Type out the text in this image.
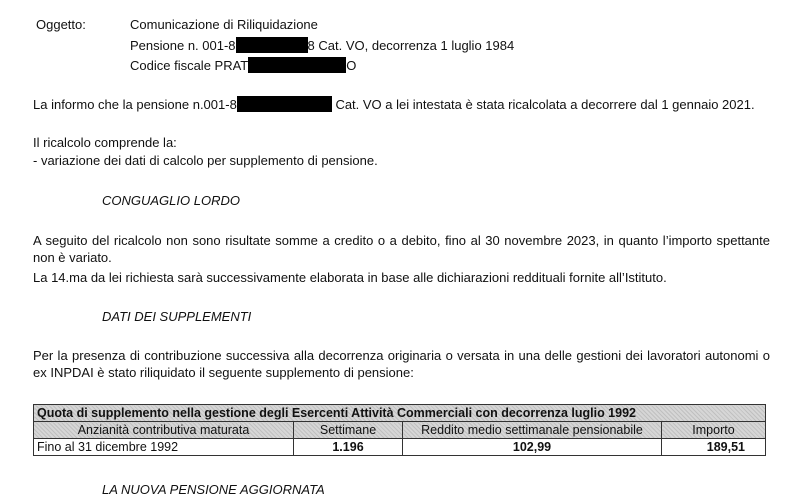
Oggetto:	Comunicazione di Riliquidazione
Pensione n. 001-8	8 Cat. VO, decorrenza 1 luglio 1984
Codice fiscale PRAT	O
La informo che la pensione n.001-8	Cat. VO a lei intestata è stata ricalcolata a decorrere dal 1 gennaio 2021.
Il ricalcolo comprende la:
- variazione dei dati di calcolo per supplemento di pensione.
CONGUAGLIO LORDO
A seguito del ricalcolo non sono risultate somme a credito o a debito, fino al 30 novembre 2023, in quanto l’importo spettante non è variato.
La 14.ma da lei richiesta sarà successivamente elaborata in base alle dichiarazioni reddituali fornite all’Istituto.
DATI DEI SUPPLEMENTI
Per la presenza di contribuzione successiva alla decorrenza originaria o versata in una delle gestioni dei lavoratori autonomi o ex INPDAI è stato riliquidato il seguente supplemento di pensione:
Quota di supplemento nella gestione degli Esercenti Attività Commerciali con decorrenza luglio 1992			
Anzianità contributiva maturata	Settimane	Reddito medio settimanale pensionabile	Importo
Fino al 31 dicembre 1992	1.196	102,99	189,51
LA NUOVA PENSIONE AGGIORNATA
